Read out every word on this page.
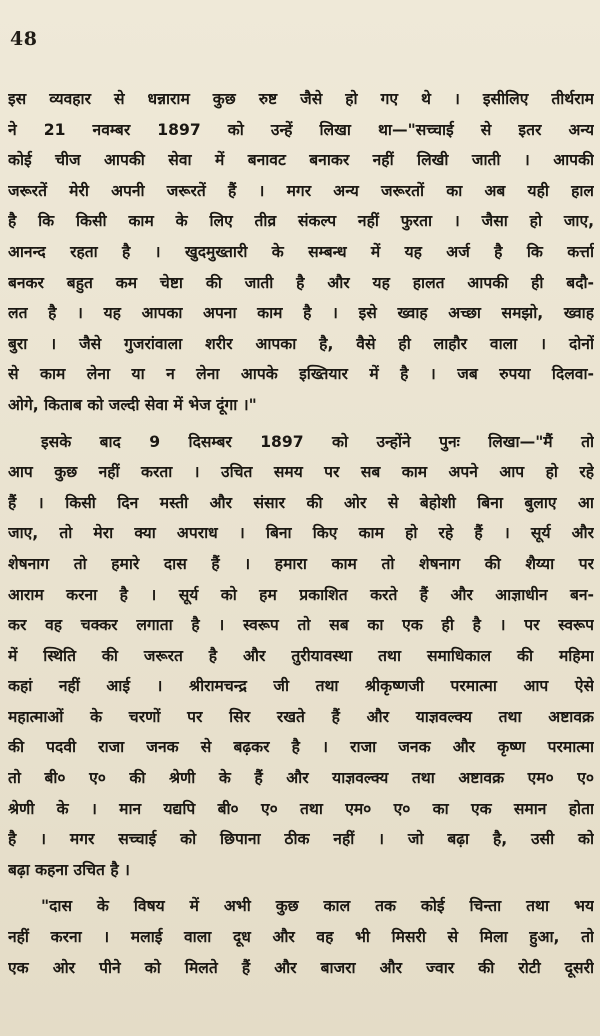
48
इस व्यवहार से धन्नाराम कुछ रुष्ट जैसे हो गए थे । इसीलिए तीर्थराम
ने 21 नवम्बर 1897 को उन्हें लिखा था—"सच्चाई से इतर अन्य
कोई चीज आपकी सेवा में बनावट बनाकर नहीं लिखी जाती । आपकी
जरूरतें मेरी अपनी जरूरतें हैं । मगर अन्य जरूरतों का अब यही हाल
है कि किसी काम के लिए तीव्र संकल्प नहीं फुरता । जैसा हो जाए,
आनन्द रहता है । खुदमुख्तारी के सम्बन्ध में यह अर्ज है कि कर्त्ता
बनकर बहुत कम चेष्टा की जाती है और यह हालत आपकी ही बदौ-
लत है । यह आपका अपना काम है । इसे ख्वाह अच्छा समझो, ख्वाह
बुरा । जैसे गुजरांवाला शरीर आपका है, वैसे ही लाहौर वाला । दोनों
से काम लेना या न लेना आपके इख्तियार में है । जब रुपया दिलवा-
ओगे, किताब को जल्दी सेवा में भेज दूंगा ।"
इसके बाद 9 दिसम्बर 1897 को उन्होंने पुनः लिखा—"मैं तो
आप कुछ नहीं करता । उचित समय पर सब काम अपने आप हो रहे
हैं । किसी दिन मस्ती और संसार की ओर से बेहोशी बिना बुलाए आ
जाए, तो मेरा क्या अपराध । बिना किए काम हो रहे हैं । सूर्य और
शेषनाग तो हमारे दास हैं । हमारा काम तो शेषनाग की शैय्या पर
आराम करना है । सूर्य को हम प्रकाशित करते हैं और आज्ञाधीन बन-
कर वह चक्कर लगाता है । स्वरूप तो सब का एक ही है । पर स्वरूप
में स्थिति की जरूरत है और तुरीयावस्था तथा समाधिकाल की महिमा
कहां नहीं आई । श्रीरामचन्द्र जी तथा श्रीकृष्णजी परमात्मा आप ऐसे
महात्माओं के चरणों पर सिर रखते हैं और याज्ञवल्क्य तथा अष्टावक्र
की पदवी राजा जनक से बढ़कर है । राजा जनक और कृष्ण परमात्मा
तो बी० ए० की श्रेणी के हैं और याज्ञवल्क्य तथा अष्टावक्र एम० ए०
श्रेणी के । मान यद्यपि बी० ए० तथा एम० ए० का एक समान होता
है । मगर सच्चाई को छिपाना ठीक नहीं । जो बढ़ा है, उसी को
बढ़ा कहना उचित है ।
"दास के विषय में अभी कुछ काल तक कोई चिन्ता तथा भय
नहीं करना । मलाई वाला दूध और वह भी मिसरी से मिला हुआ, तो
एक ओर पीने को मिलते हैं और बाजरा और ज्वार की रोटी दूसरी
